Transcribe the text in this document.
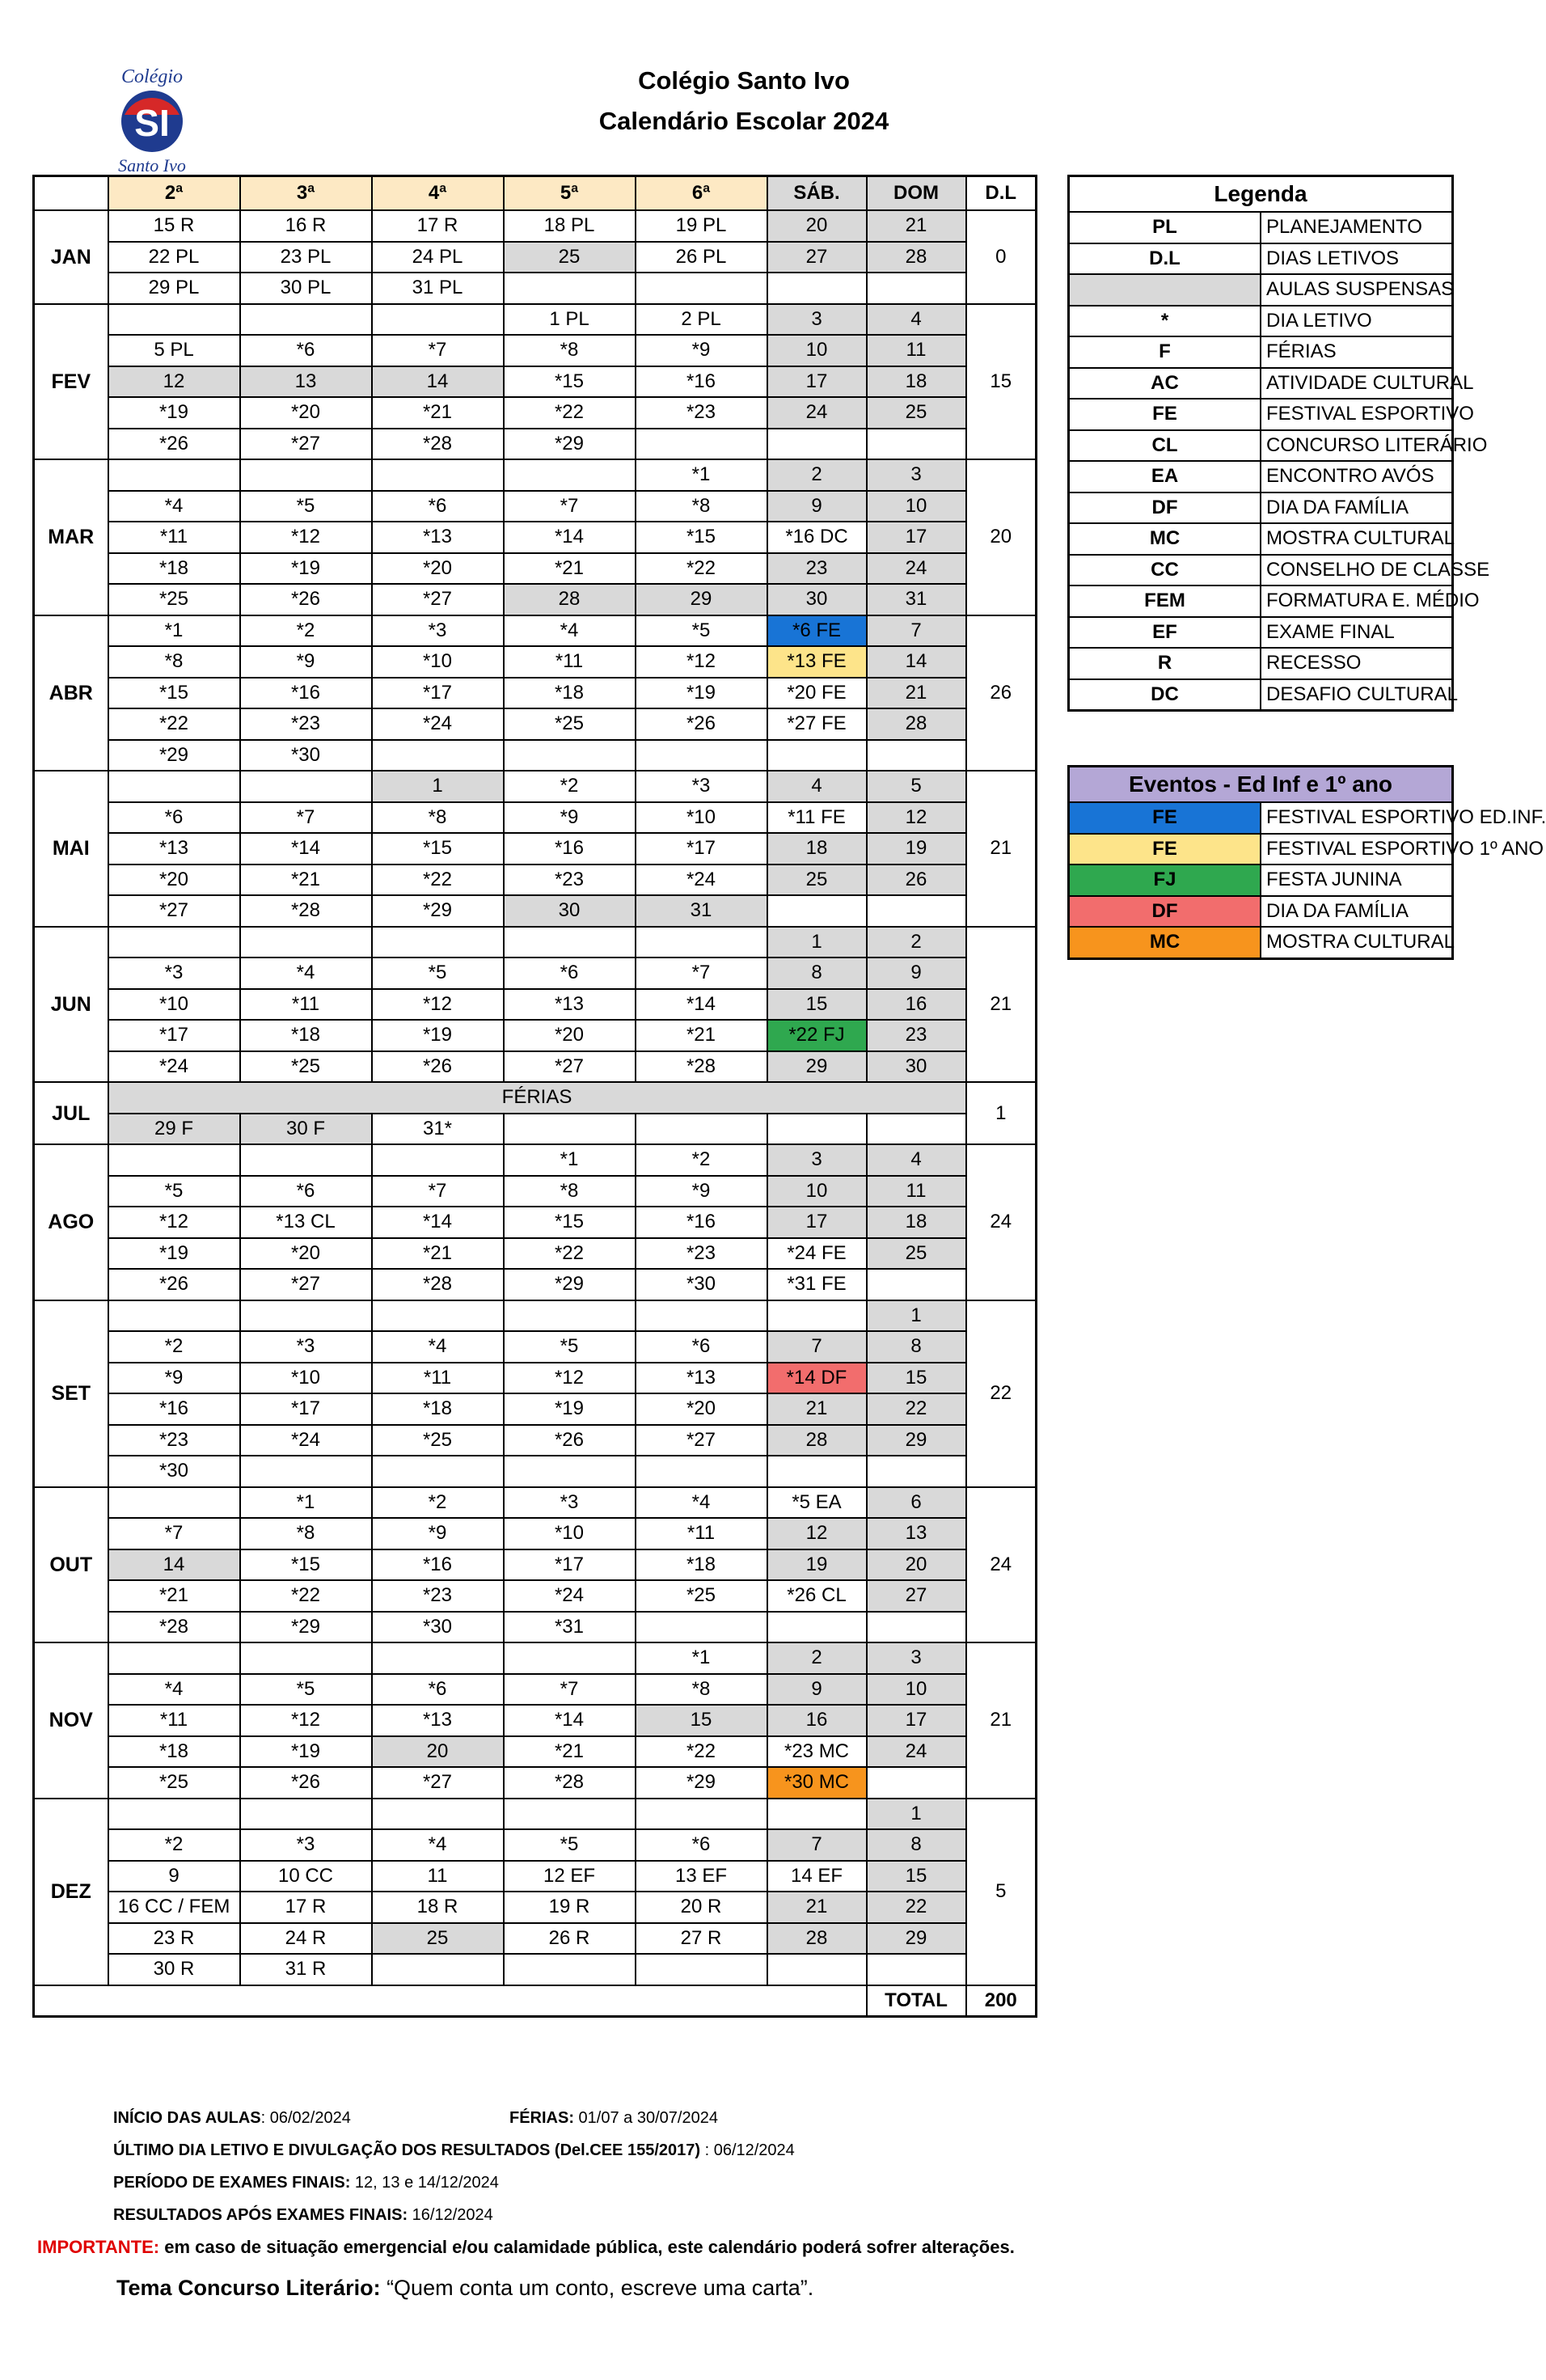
Colégio
SI
Santo Ivo
Colégio Santo Ivo
Calendário Escolar 2024
	2ª	3ª	4ª	5ª	6ª	SÁB.	DOM	D.L
JAN	15 R	16 R	17 R	18 PL	19 PL	20	21	0
	22 PL	23 PL	24 PL	25	26 PL	27	28	
	29 PL	30 PL	31 PL					
FEV				1 PL	2 PL	3	4	15
	5 PL	*6	*7	*8	*9	10	11	
	12	13	14	*15	*16	17	18	
	*19	*20	*21	*22	*23	24	25	
	*26	*27	*28	*29				
MAR					*1	2	3	20
	*4	*5	*6	*7	*8	9	10	
	*11	*12	*13	*14	*15	*16 DC	17	
	*18	*19	*20	*21	*22	23	24	
	*25	*26	*27	28	29	30	31	
ABR	*1	*2	*3	*4	*5	*6 FE	7	26
	*8	*9	*10	*11	*12	*13 FE	14	
	*15	*16	*17	*18	*19	*20 FE	21	
	*22	*23	*24	*25	*26	*27 FE	28	
	*29	*30						
MAI			1	*2	*3	4	5	21
	*6	*7	*8	*9	*10	*11 FE	12	
	*13	*14	*15	*16	*17	18	19	
	*20	*21	*22	*23	*24	25	26	
	*27	*28	*29	30	31			
JUN						1	2	21
	*3	*4	*5	*6	*7	8	9	
	*10	*11	*12	*13	*14	15	16	
	*17	*18	*19	*20	*21	*22 FJ	23	
	*24	*25	*26	*27	*28	29	30	
JUL	FÉRIAS							1
	29 F	30 F	31*					
AGO				*1	*2	3	4	24
	*5	*6	*7	*8	*9	10	11	
	*12	*13 CL	*14	*15	*16	17	18	
	*19	*20	*21	*22	*23	*24 FE	25	
	*26	*27	*28	*29	*30	*31 FE		
SET							1	22
	*2	*3	*4	*5	*6	7	8	
	*9	*10	*11	*12	*13	*14 DF	15	
	*16	*17	*18	*19	*20	21	22	
	*23	*24	*25	*26	*27	28	29	
	*30							
OUT		*1	*2	*3	*4	*5 EA	6	24
	*7	*8	*9	*10	*11	12	13	
	14	*15	*16	*17	*18	19	20	
	*21	*22	*23	*24	*25	*26 CL	27	
	*28	*29	*30	*31				
NOV					*1	2	3	21
	*4	*5	*6	*7	*8	9	10	
	*11	*12	*13	*14	15	16	17	
	*18	*19	20	*21	*22	*23 MC	24	
	*25	*26	*27	*28	*29	*30 MC		
DEZ							1	5
	*2	*3	*4	*5	*6	7	8	
	9	10 CC	11	12 EF	13 EF	14 EF	15	
	16 CC / FEM	17 R	18 R	19 R	20 R	21	22	
	23 R	24 R	25	26 R	27 R	28	29	
	30 R	31 R						
							TOTAL	200
Legenda	
PL	PLANEJAMENTO
D.L	DIAS LETIVOS
	AULAS SUSPENSAS
*	DIA LETIVO
F	FÉRIAS
AC	ATIVIDADE CULTURAL
FE	FESTIVAL ESPORTIVO
CL	CONCURSO LITERÁRIO
EA	ENCONTRO AVÓS
DF	DIA DA FAMÍLIA
MC	MOSTRA CULTURAL
CC	CONSELHO DE CLASSE
FEM	FORMATURA E. MÉDIO
EF	EXAME FINAL
R	RECESSO
DC	DESAFIO CULTURAL
Eventos - Ed Inf e 1º ano	
FE	FESTIVAL ESPORTIVO ED.INF.
FE	FESTIVAL ESPORTIVO 1º ANO
FJ	FESTA JUNINA
DF	DIA DA FAMÍLIA
MC	MOSTRA CULTURAL
INÍCIO DAS AULAS: 06/02/2024	FÉRIAS: 01/07 a 30/07/2024
ÚLTIMO DIA LETIVO E DIVULGAÇÃO DOS RESULTADOS (Del.CEE 155/2017) : 06/12/2024
PERÍODO DE EXAMES FINAIS: 12, 13 e 14/12/2024
RESULTADOS APÓS EXAMES FINAIS: 16/12/2024
IMPORTANTE: em caso de situação emergencial e/ou calamidade pública, este calendário poderá sofrer alterações.
Tema Concurso Literário: “Quem conta um conto, escreve uma carta”.
